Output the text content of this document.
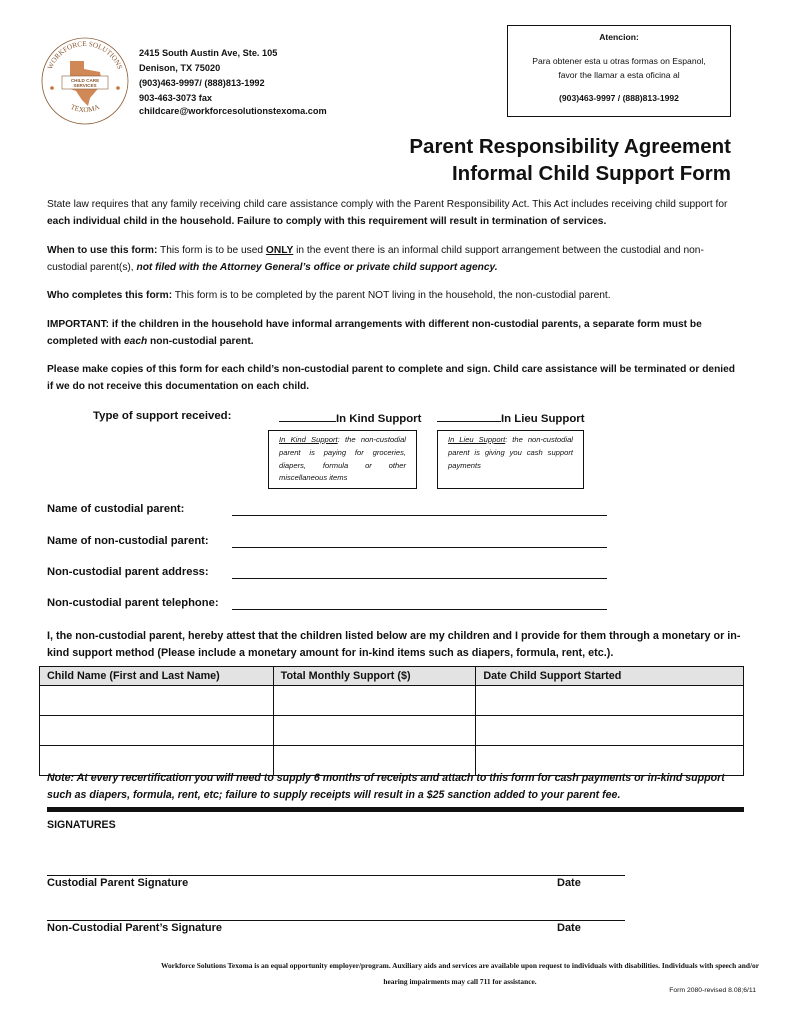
WORKFORCE SOLUTIONS
TEXOMA
CHILD CARE
SERVICES
2415 South Austin Ave, Ste. 105
Denison, TX 75020
(903)463-9997/ (888)813-1992
903-463-3073 fax
childcare@workforcesolutionstexoma.com
Atencion:
Para obtener esta u otras formas on Espanol,
favor the llamar a esta oficina al
(903)463-9997 / (888)813-1992
Parent Responsibility Agreement
Informal Child Support Form
State law requires that any family receiving child care assistance comply with the Parent Responsibility Act. This Act includes receiving child support for each individual child in the household. Failure to comply with this requirement will result in termination of services.
When to use this form: This form is to be used ONLY in the event there is an informal child support arrangement between the custodial and non-custodial parent(s), not filed with the Attorney General’s office or private child support agency.
Who completes this form: This form is to be completed by the parent NOT living in the household, the non-custodial parent.
IMPORTANT: if the children in the household have informal arrangements with different non-custodial parents, a separate form must be completed with each non-custodial parent.
Please make copies of this form for each child’s non-custodial parent to complete and sign. Child care assistance will be terminated or denied if we do not receive this documentation on each child.
Type of support received:	In Kind Support	In Lieu Support
In Kind Support: the non-custodial parent is paying for groceries, diapers, formula or other miscellaneous items
In Lieu Support: the non-custodial parent is giving you cash support payments
Name of custodial parent:
Name of non-custodial parent:
Non-custodial parent address:
Non-custodial parent telephone:
I, the non-custodial parent, hereby attest that the children listed below are my children and I provide for them through a monetary or in-kind support method (Please include a monetary amount for in-kind items such as diapers, formula, rent, etc.).
Child Name (First and Last Name)	Total Monthly Support ($)	Date Child Support Started

Note: At every recertification you will need to supply 6 months of receipts and attach to this form for cash payments or in-kind support such as diapers, formula, rent, etc; failure to supply receipts will result in a $25 sanction added to your parent fee.
SIGNATURES
Custodial Parent Signature	Date
Non-Custodial Parent’s Signature	Date
Workforce Solutions Texoma is an equal opportunity employer/program. Auxiliary aids and services are available upon request to individuals with disabilities. Individuals with speech and/or
hearing impairments may call 711 for assistance.
Form 2080-revised 8.08;6/11
